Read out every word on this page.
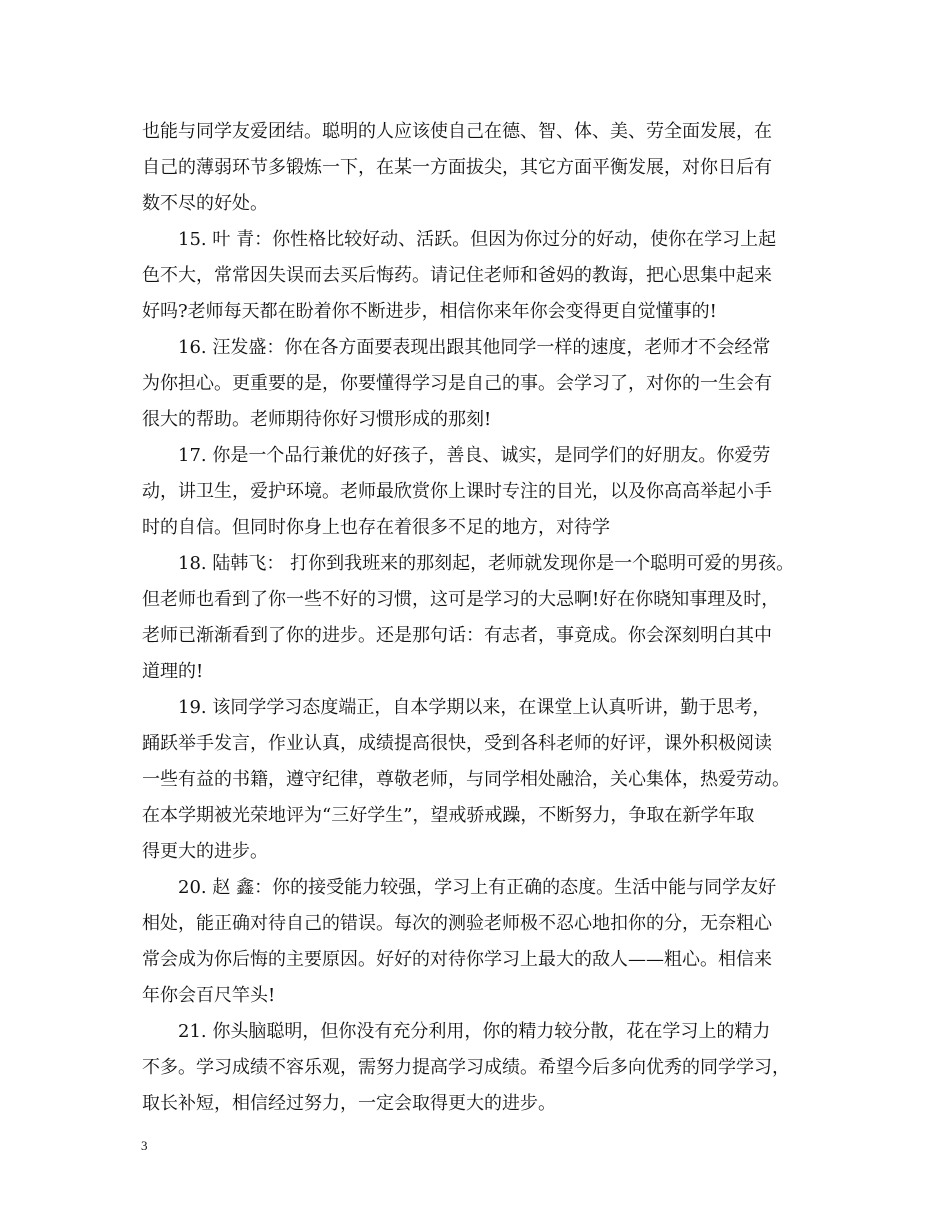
也能与同学友爱团结。聪明的人应该使自己在德、智、体、美、劳全面发展，在
自己的薄弱环节多锻炼一下，在某一方面拔尖，其它方面平衡发展，对你日后有
数不尽的好处。
15. 叶 青：你性格比较好动、活跃。但因为你过分的好动，使你在学习上起
色不大，常常因失误而去买后悔药。请记住老师和爸妈的教诲，把心思集中起来
好吗?老师每天都在盼着你不断进步，相信你来年你会变得更自觉懂事的!
16. 汪发盛：你在各方面要表现出跟其他同学一样的速度，老师才不会经常
为你担心。更重要的是，你要懂得学习是自己的事。会学习了，对你的一生会有
很大的帮助。老师期待你好习惯形成的那刻!
17. 你是一个品行兼优的好孩子，善良、诚实，是同学们的好朋友。你爱劳
动，讲卫生，爱护环境。老师最欣赏你上课时专注的目光，以及你高高举起小手
时的自信。但同时你身上也存在着很多不足的地方，对待学
18. 陆韩飞： 打你到我班来的那刻起，老师就发现你是一个聪明可爱的男孩。
但老师也看到了你一些不好的习惯，这可是学习的大忌啊!好在你晓知事理及时，
老师已渐渐看到了你的进步。还是那句话：有志者，事竟成。你会深刻明白其中
道理的!
19. 该同学学习态度端正，自本学期以来，在课堂上认真听讲，勤于思考，
踊跃举手发言，作业认真，成绩提高很快，受到各科老师的好评，课外积极阅读
一些有益的书籍，遵守纪律，尊敬老师，与同学相处融洽，关心集体，热爱劳动。
在本学期被光荣地评为“三好学生”，望戒骄戒躁，不断努力，争取在新学年取
得更大的进步。
20. 赵 鑫：你的接受能力较强，学习上有正确的态度。生活中能与同学友好
相处，能正确对待自己的错误。每次的测验老师极不忍心地扣你的分，无奈粗心
常会成为你后悔的主要原因。好好的对待你学习上最大的敌人——粗心。相信来
年你会百尺竿头!
21. 你头脑聪明，但你没有充分利用，你的精力较分散，花在学习上的精力
不多。学习成绩不容乐观，需努力提高学习成绩。希望今后多向优秀的同学学习，
取长补短，相信经过努力，一定会取得更大的进步。
3
